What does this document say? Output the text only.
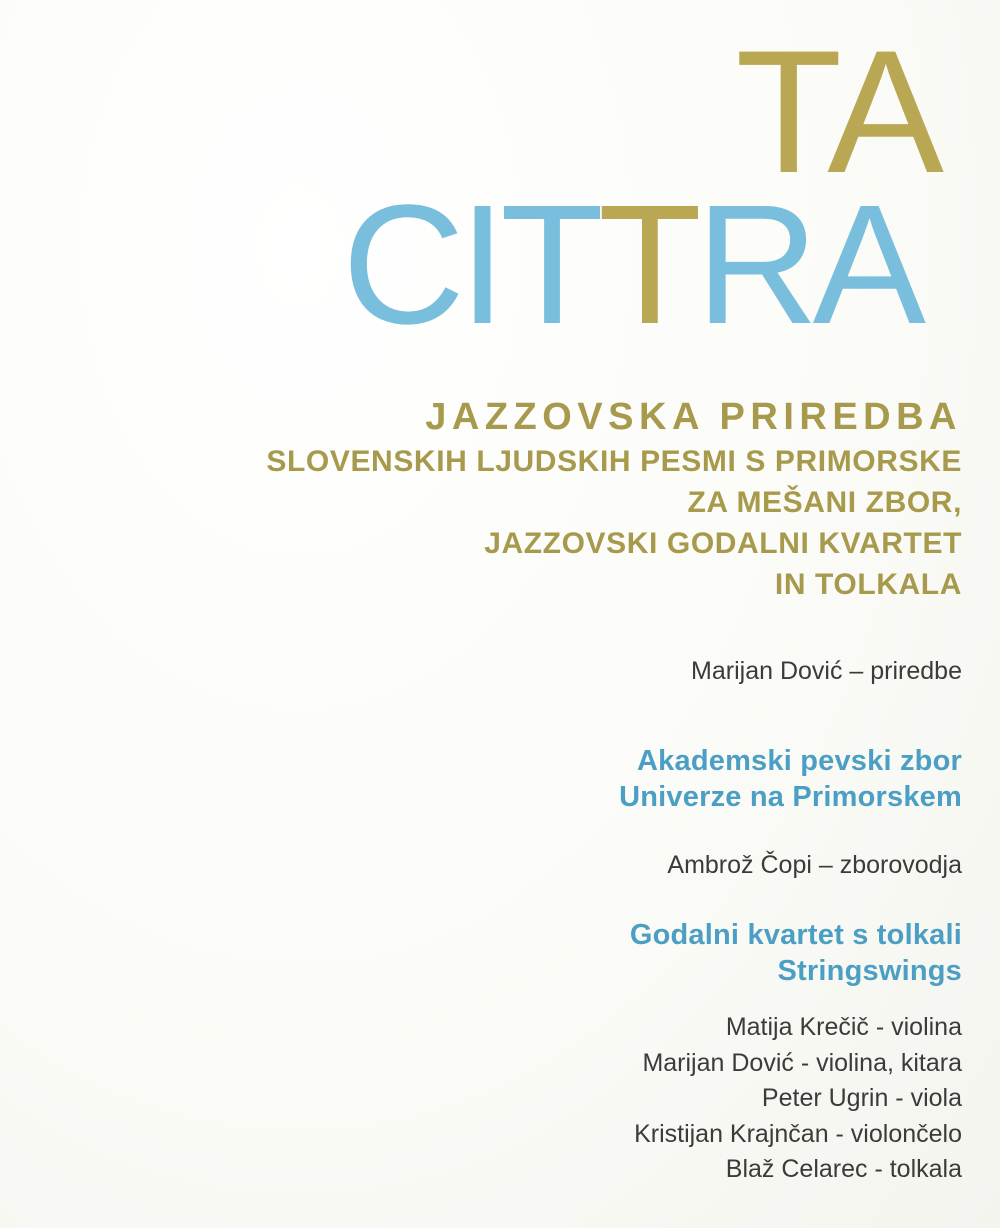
TA
CITTRA
JAZZOVSKA PRIREDBA
SLOVENSKIH LJUDSKIH PESMI S PRIMORSKE
ZA MEŠANI ZBOR,
JAZZOVSKI GODALNI KVARTET
IN TOLKALA
Marijan Dović – priredbe
Akademski pevski zbor
Univerze na Primorskem
Ambrož Čopi – zborovodja
Godalni kvartet s tolkali
Stringswings
Matija Krečič - violina
Marijan Dović - violina, kitara
Peter Ugrin - viola
Kristijan Krajnčan - violončelo
Blaž Celarec - tolkala
